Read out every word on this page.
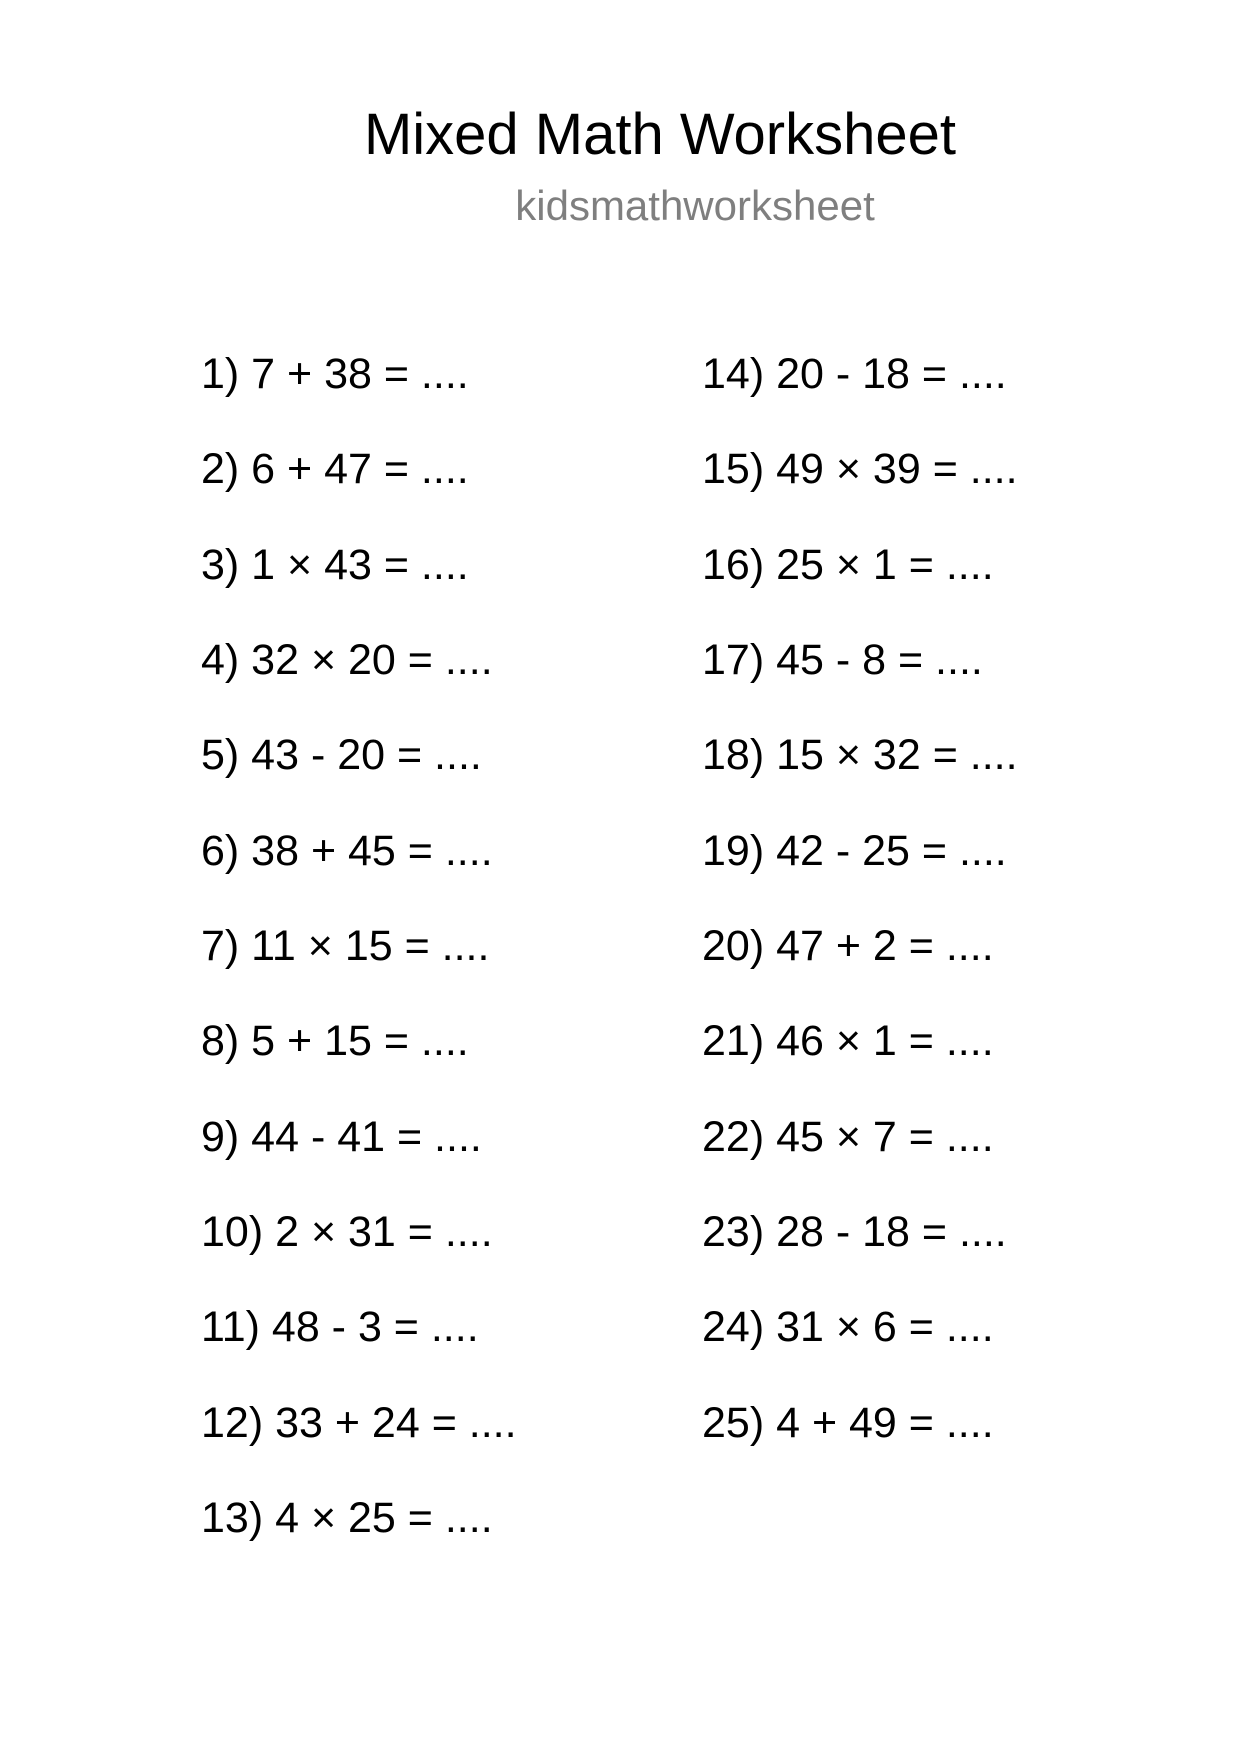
Mixed Math Worksheet
kidsmathworksheet
1) 7 + 38 = ....
2) 6 + 47 = ....
3) 1 × 43 = ....
4) 32 × 20 = ....
5) 43 - 20 = ....
6) 38 + 45 = ....
7) 11 × 15 = ....
8) 5 + 15 = ....
9) 44 - 41 = ....
10) 2 × 31 = ....
11) 48 - 3 = ....
12) 33 + 24 = ....
13) 4 × 25 = ....
14) 20 - 18 = ....
15) 49 × 39 = ....
16) 25 × 1 = ....
17) 45 - 8 = ....
18) 15 × 32 = ....
19) 42 - 25 = ....
20) 47 + 2 = ....
21) 46 × 1 = ....
22) 45 × 7 = ....
23) 28 - 18 = ....
24) 31 × 6 = ....
25) 4 + 49 = ....
